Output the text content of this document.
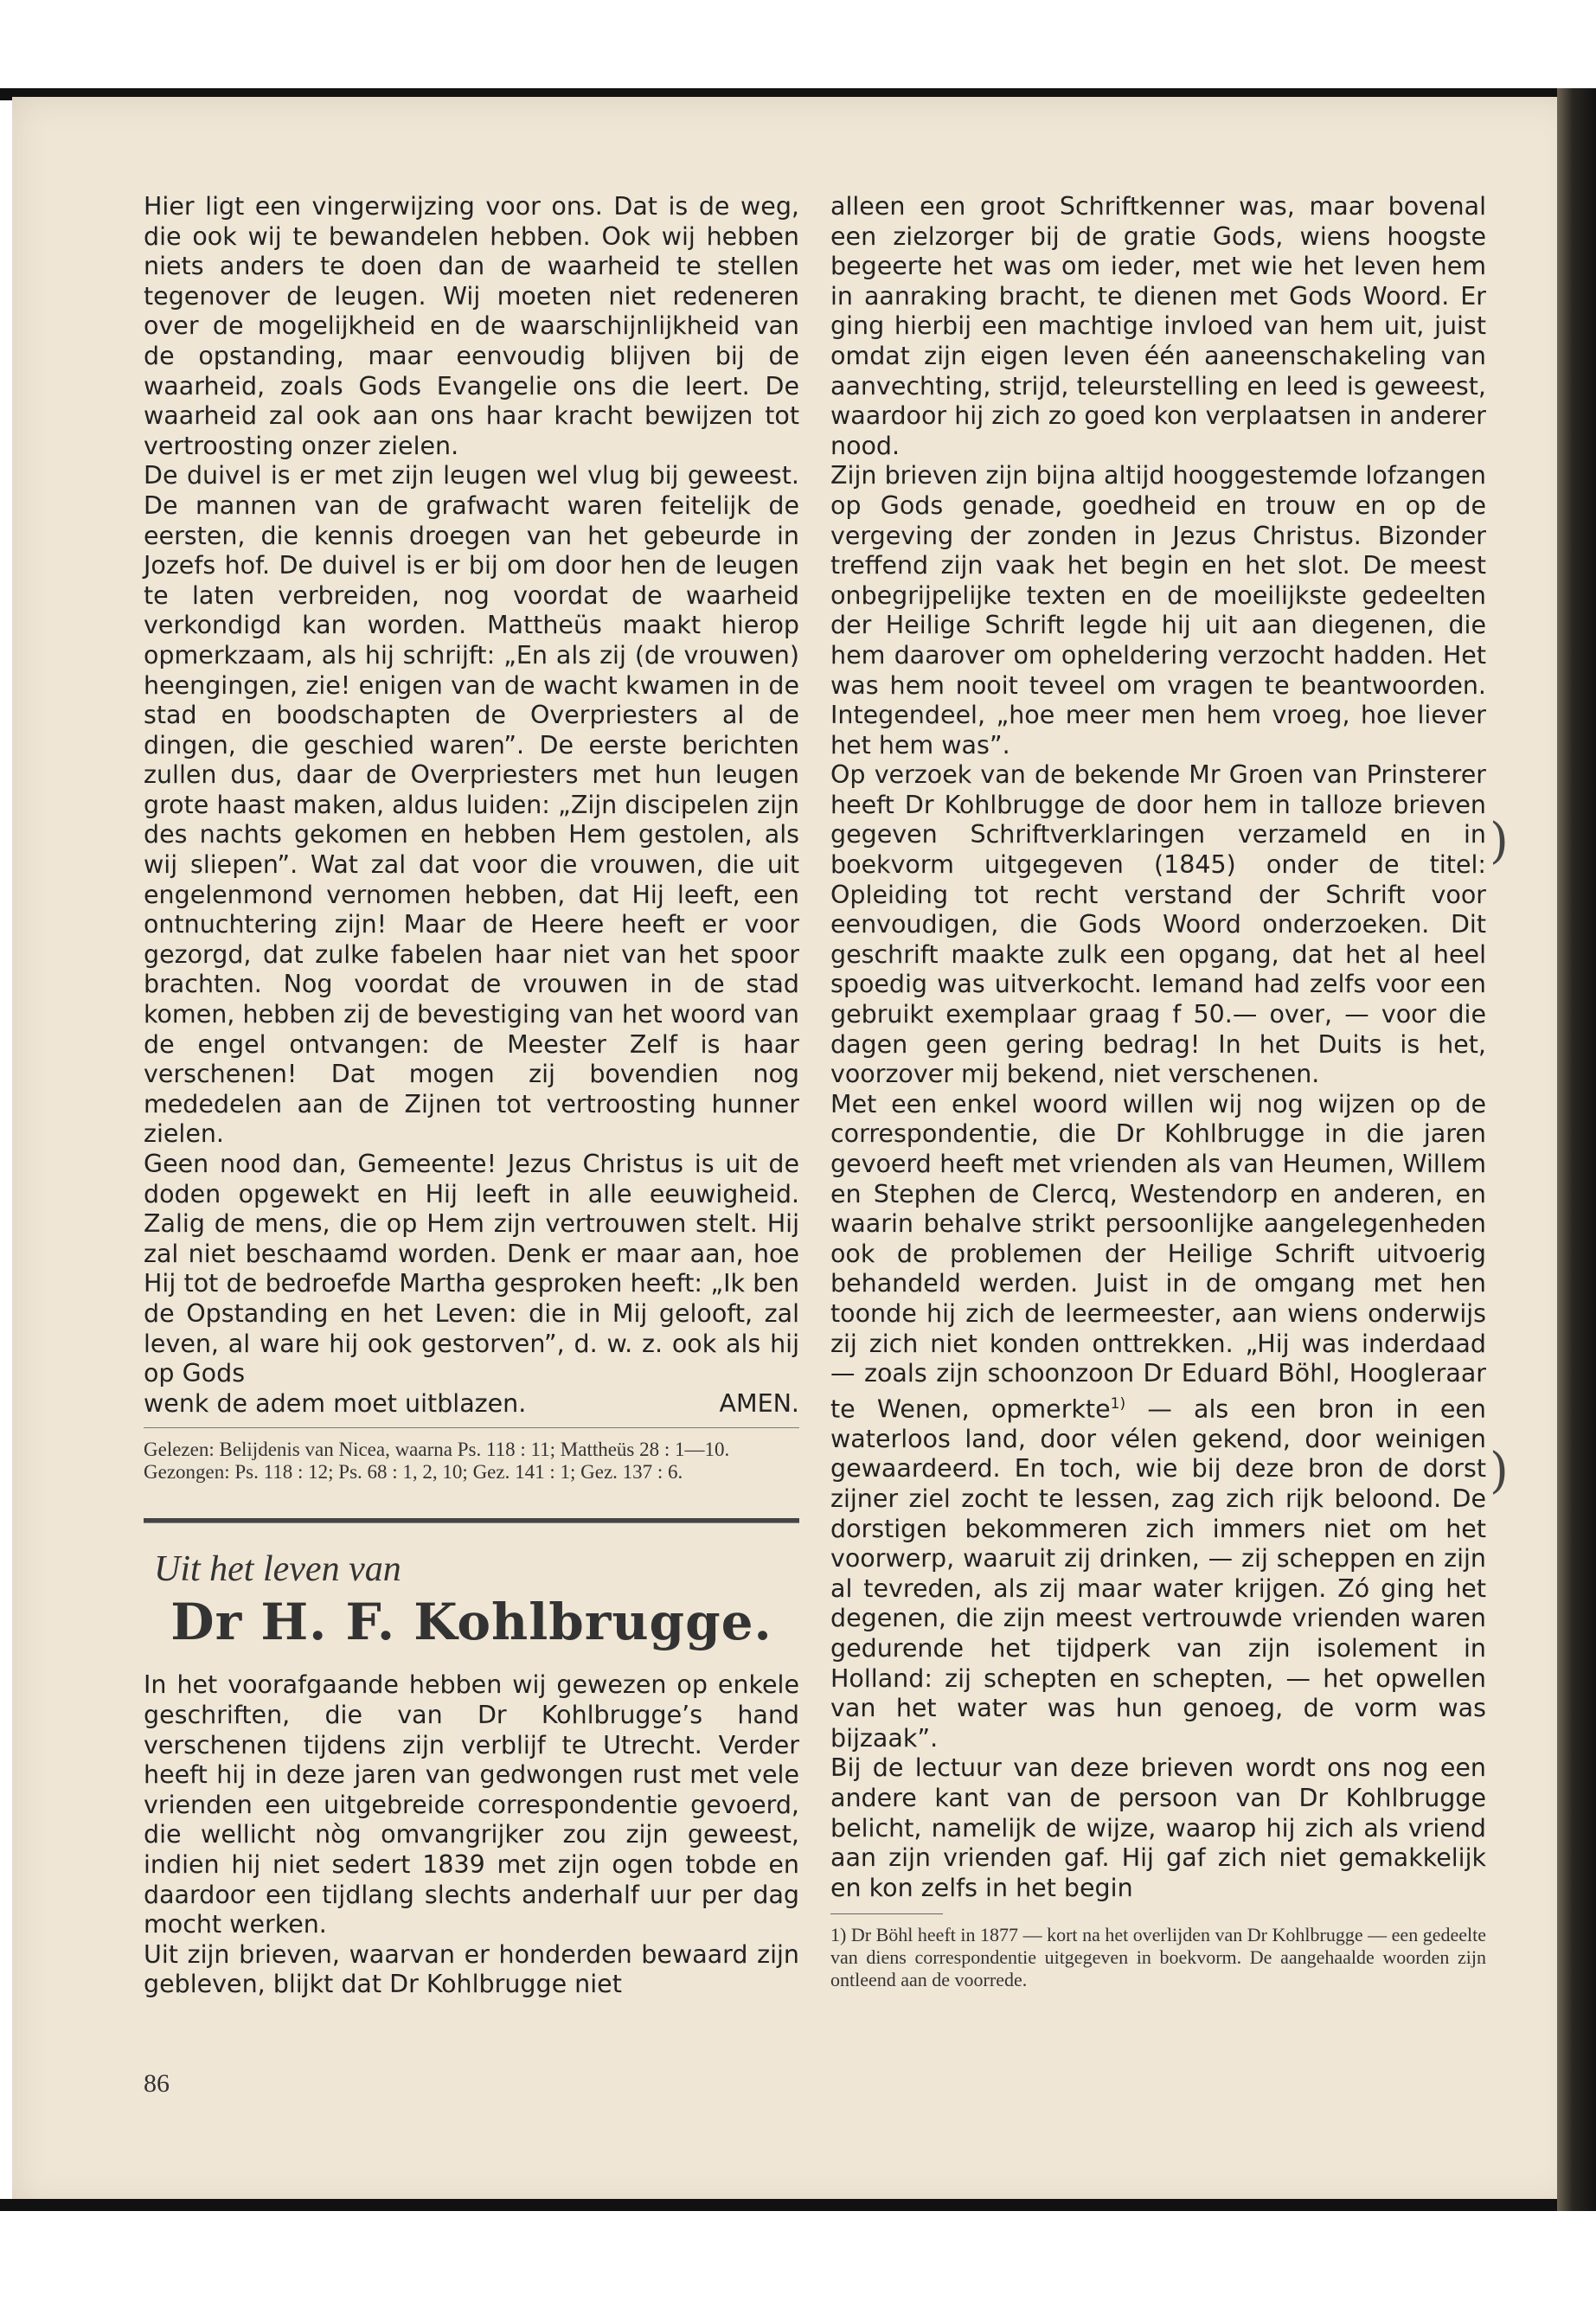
Hier ligt een vingerwijzing voor ons. Dat is de weg, die ook wij te bewandelen hebben. Ook wij hebben niets anders te doen dan de waarheid te stellen tegenover de leugen. Wij moeten niet redeneren over de mogelijkheid en de waarschijnlijkheid van de opstanding, maar eenvoudig blijven bij de waarheid, zoals Gods Evangelie ons die leert. De waarheid zal ook aan ons haar kracht bewijzen tot vertroosting onzer zielen.

De duivel is er met zijn leugen wel vlug bij geweest. De mannen van de grafwacht waren feitelijk de eersten, die kennis droegen van het gebeurde in Jozefs hof. De duivel is er bij om door hen de leugen te laten verbreiden, nog voordat de waarheid verkondigd kan worden. Mattheüs maakt hierop opmerkzaam, als hij schrijft: „En als zij (de vrouwen) heengingen, zie! enigen van de wacht kwamen in de stad en boodschapten de Overpriesters al de dingen, die geschied waren”. De eerste berichten zullen dus, daar de Overpriesters met hun leugen grote haast maken, aldus luiden: „Zijn discipelen zijn des nachts gekomen en hebben Hem gestolen, als wij sliepen”. Wat zal dat voor die vrouwen, die uit engelenmond vernomen hebben, dat Hij leeft, een ontnuchtering zijn! Maar de Heere heeft er voor gezorgd, dat zulke fabelen haar niet van het spoor brachten. Nog voordat de vrouwen in de stad komen, hebben zij de bevestiging van het woord van de engel ontvangen: de Meester Zelf is haar verschenen! Dat mogen zij bovendien nog mededelen aan de Zijnen tot vertroosting hunner zielen.

Geen nood dan, Gemeente! Jezus Christus is uit de doden opgewekt en Hij leeft in alle eeuwigheid. Zalig de mens, die op Hem zijn vertrouwen stelt. Hij zal niet beschaamd worden. Denk er maar aan, hoe Hij tot de bedroefde Martha gesproken heeft: „Ik ben de Opstanding en het Leven: die in Mij gelooft, zal leven, al ware hij ook gestorven”, d. w. z. ook als hij op Gods

wenk de adem moet uitblazen.	AMEN.

Gelezen: Belijdenis van Nicea, waarna Ps. 118 : 11; Mattheüs 28 : 1—10.

Gezongen: Ps. 118 : 12; Ps. 68 : 1, 2, 10; Gez. 141 : 1; Gez. 137 : 6.

Uit het leven van
Dr H. F. Kohlbrugge.

In het voorafgaande hebben wij gewezen op enkele geschriften, die van Dr Kohlbrugge’s hand verschenen tijdens zijn verblijf te Utrecht. Verder heeft hij in deze jaren van gedwongen rust met vele vrienden een uitgebreide correspondentie gevoerd, die wellicht nòg omvangrijker zou zijn geweest, indien hij niet sedert 1839 met zijn ogen tobde en daardoor een tijdlang slechts anderhalf uur per dag mocht werken.

Uit zijn brieven, waarvan er honderden bewaard zijn gebleven, blijkt dat Dr Kohlbrugge niet

86

alleen een groot Schriftkenner was, maar bovenal een zielzorger bij de gratie Gods, wiens hoogste begeerte het was om ieder, met wie het leven hem in aanraking bracht, te dienen met Gods Woord. Er ging hierbij een machtige invloed van hem uit, juist omdat zijn eigen leven één aaneenschakeling van aanvechting, strijd, teleurstelling en leed is geweest, waardoor hij zich zo goed kon verplaatsen in anderer nood.

Zijn brieven zijn bijna altijd hooggestemde lofzangen op Gods genade, goedheid en trouw en op de vergeving der zonden in Jezus Christus. Bizonder treffend zijn vaak het begin en het slot. De meest onbegrijpelijke texten en de moeilijkste gedeelten der Heilige Schrift legde hij uit aan diegenen, die hem daarover om opheldering verzocht hadden. Het was hem nooit teveel om vragen te beantwoorden. Integendeel, „hoe meer men hem vroeg, hoe liever het hem was”.

Op verzoek van de bekende Mr Groen van Prinsterer heeft Dr Kohlbrugge de door hem in talloze brieven gegeven Schriftverklaringen verzameld en in boekvorm uitgegeven (1845) onder de titel: Opleiding tot recht verstand der Schrift voor eenvoudigen, die Gods Woord onderzoeken. Dit geschrift maakte zulk een opgang, dat het al heel spoedig was uitverkocht. Iemand had zelfs voor een gebruikt exemplaar graag f 50.— over, — voor die dagen geen gering bedrag! In het Duits is het, voorzover mij bekend, niet verschenen.

Met een enkel woord willen wij nog wijzen op de correspondentie, die Dr Kohlbrugge in die jaren gevoerd heeft met vrienden als van Heumen, Willem en Stephen de Clercq, Westendorp en anderen, en waarin behalve strikt persoonlijke aangelegenheden ook de problemen der Heilige Schrift uitvoerig behandeld werden. Juist in de omgang met hen toonde hij zich de leermeester, aan wiens onderwijs zij zich niet konden onttrekken. „Hij was inderdaad — zoals zijn schoonzoon Dr Eduard Böhl, Hoogleraar te Wenen, opmerkte$^{1)}$ — als een bron in een waterloos land, door vélen gekend, door weinigen gewaardeerd. En toch, wie bij deze bron de dorst zijner ziel zocht te lessen, zag zich rijk beloond. De dorstigen bekommeren zich immers niet om het voorwerp, waaruit zij drinken, — zij scheppen en zijn al tevreden, als zij maar water krijgen. Zó ging het degenen, die zijn meest vertrouwde vrienden waren gedurende het tijdperk van zijn isolement in Holland: zij schepten en schepten, — het opwellen van het water was hun genoeg, de vorm was bijzaak”.

Bij de lectuur van deze brieven wordt ons nog een andere kant van de persoon van Dr Kohlbrugge belicht, namelijk de wijze, waarop hij zich als vriend aan zijn vrienden gaf. Hij gaf zich niet gemakkelijk en kon zelfs in het begin

1) Dr Böhl heeft in 1877 — kort na het overlijden van Dr Kohlbrugge — een gedeelte van diens correspondentie uitgegeven in boekvorm. De aangehaalde woorden zijn ontleend aan de voorrede.
)
)
